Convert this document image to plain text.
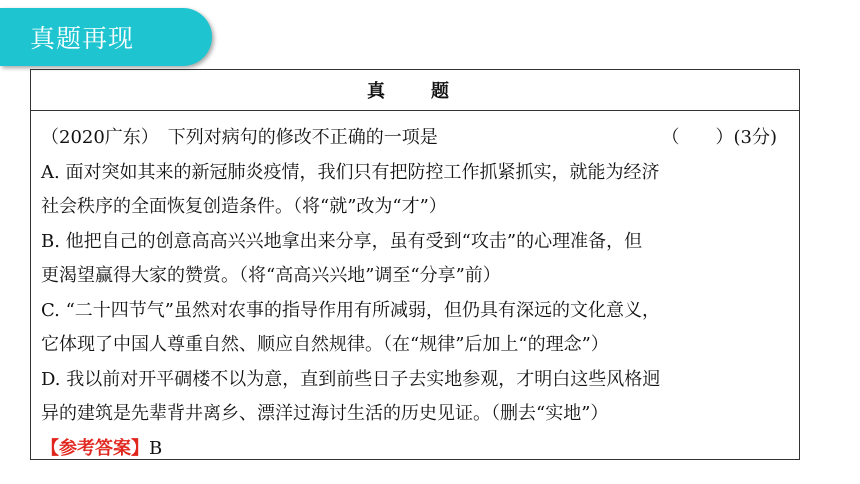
真题再现
真　题
（2020广东）　下列对病句的修改不正确的一项是	（　　）(3分)
A. 面对突如其来的新冠肺炎疫情，我们只有把防控工作抓紧抓实，就能为经济
社会秩序的全面恢复创造条件。（将“就”改为“才”）
B. 他把自己的创意高高兴兴地拿出来分享，虽有受到“攻击”的心理准备，但
更渴望赢得大家的赞赏。（将“高高兴兴地”调至“分享”前）
C. “二十四节气”虽然对农事的指导作用有所减弱，但仍具有深远的文化意义，
它体现了中国人尊重自然、顺应自然规律。（在“规律”后加上“的理念”）
D. 我以前对开平碉楼不以为意，直到前些日子去实地参观，才明白这些风格迥
异的建筑是先辈背井离乡、漂洋过海讨生活的历史见证。（删去“实地”）
【参考答案】B
